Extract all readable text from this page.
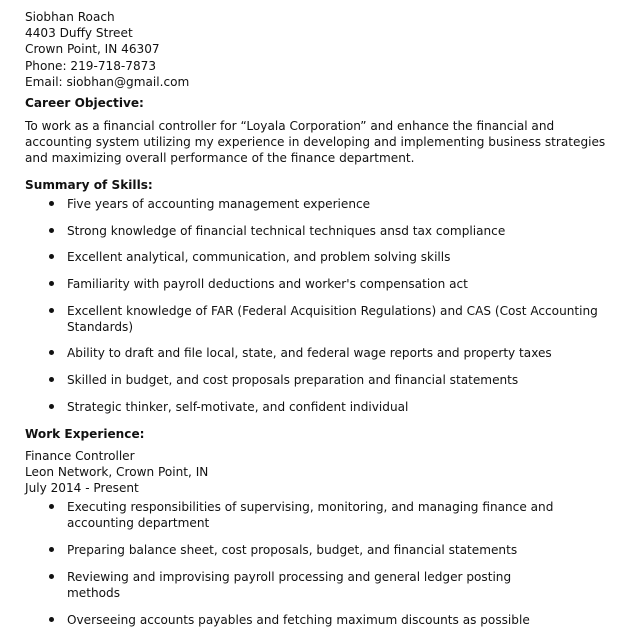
Siobhan Roach
4403 Duffy Street
Crown Point, IN 46307
Phone: 219-718-7873
Email: siobhan@gmail.com
Career Objective:
To work as a financial controller for “Loyala Corporation” and enhance the financial and accounting system utilizing my experience in developing and implementing business strategies and maximizing overall performance of the finance department.
Summary of Skills:
Five years of accounting management experience
Strong knowledge of financial technical techniques ansd tax compliance
Excellent analytical, communication, and problem solving skills
Familiarity with payroll deductions and worker's compensation act
Excellent knowledge of FAR (Federal Acquisition Regulations) and CAS (Cost Accounting Standards)
Ability to draft and file local, state, and federal wage reports and property taxes
Skilled in budget, and cost proposals preparation and financial statements
Strategic thinker, self-motivate, and confident individual
Work Experience:
Finance Controller
Leon Network, Crown Point, IN
July 2014 - Present
Executing responsibilities of supervising, monitoring, and managing finance and accounting department
Preparing balance sheet, cost proposals, budget, and financial statements
Reviewing and improvising payroll processing and general ledger posting methods
Overseeing accounts payables and fetching maximum discounts as possible
